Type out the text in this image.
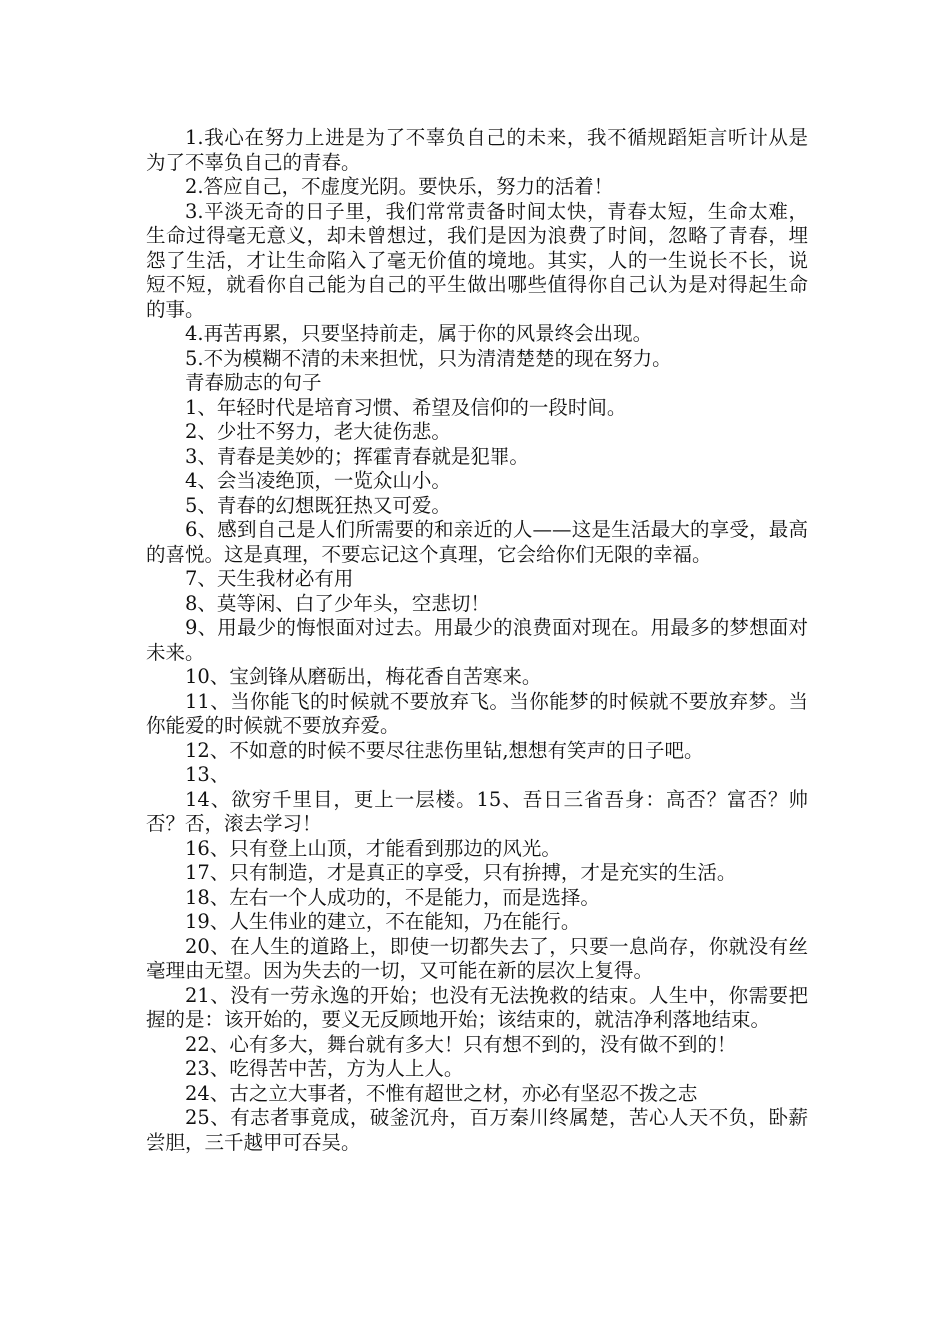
1.我心在努力上进是为了不辜负自己的未来，我不循规蹈矩言听计从是为了不辜负自己的青春。

2.答应自己，不虚度光阴。要快乐，努力的活着！

3.平淡无奇的日子里，我们常常责备时间太快，青春太短，生命太难，生命过得毫无意义，却未曾想过，我们是因为浪费了时间，忽略了青春，埋怨了生活，才让生命陷入了毫无价值的境地。其实，人的一生说长不长，说短不短，就看你自己能为自己的平生做出哪些值得你自己认为是对得起生命的事。

4.再苦再累，只要坚持前走，属于你的风景终会出现。

5.不为模糊不清的未来担忧，只为清清楚楚的现在努力。

青春励志的句子

1、年轻时代是培育习惯、希望及信仰的一段时间。

2、少壮不努力，老大徒伤悲。

3、青春是美妙的；挥霍青春就是犯罪。

4、会当凌绝顶，一览众山小。

5、青春的幻想既狂热又可爱。

6、感到自己是人们所需要的和亲近的人——这是生活最大的享受，最高的喜悦。这是真理，不要忘记这个真理，它会给你们无限的幸福。

7、天生我材必有用

8、莫等闲、白了少年头，空悲切！

9、用最少的悔恨面对过去。用最少的浪费面对现在。用最多的梦想面对未来。

10、宝剑锋从磨砺出，梅花香自苦寒来。

11、当你能飞的时候就不要放弃飞。当你能梦的时候就不要放弃梦。当你能爱的时候就不要放弃爱。

12、不如意的时候不要尽往悲伤里钻,想想有笑声的日子吧。

13、

14、欲穷千里目，更上一层楼。15、吾日三省吾身：高否？富否？帅否？否，滚去学习！

16、只有登上山顶，才能看到那边的风光。

17、只有制造，才是真正的享受，只有拚搏，才是充实的生活。

18、左右一个人成功的，不是能力，而是选择。

19、人生伟业的建立，不在能知，乃在能行。

20、在人生的道路上，即使一切都失去了，只要一息尚存，你就没有丝毫理由无望。因为失去的一切，又可能在新的层次上复得。

21、没有一劳永逸的开始；也没有无法挽救的结束。人生中，你需要把握的是：该开始的，要义无反顾地开始；该结束的，就洁净利落地结束。

22、心有多大，舞台就有多大！只有想不到的，没有做不到的！

23、吃得苦中苦，方为人上人。

24、古之立大事者，不惟有超世之材，亦必有坚忍不拨之志

25、有志者事竟成，破釜沉舟，百万秦川终属楚，苦心人天不负，卧薪尝胆，三千越甲可吞吴。
